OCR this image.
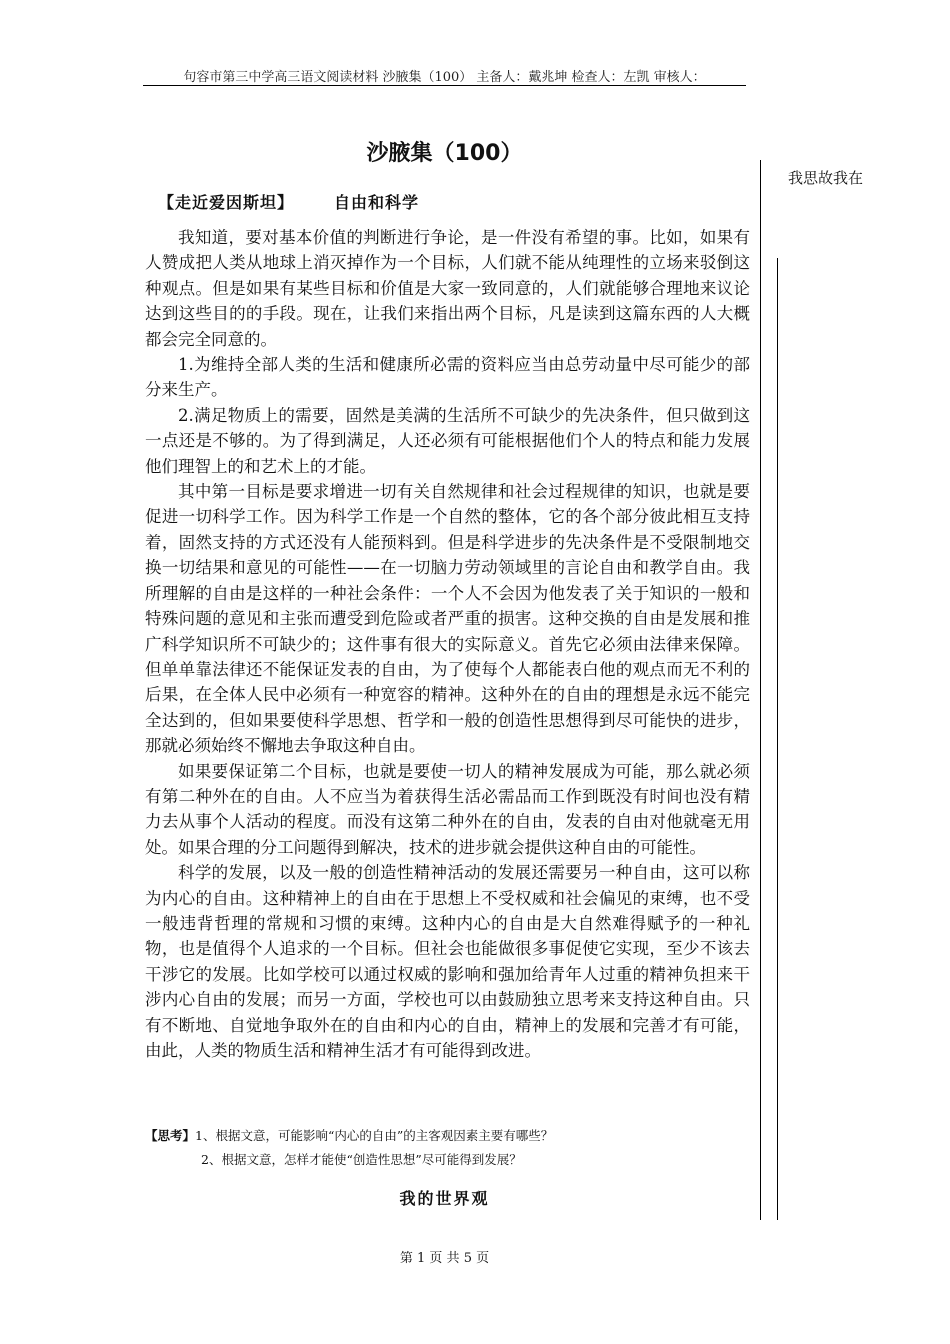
句容市第三中学高三语文阅读材料 沙腋集（100） 主备人：戴兆坤 检查人：左凯 审核人：
沙腋集（100）
我思故我在
【走近爱因斯坦】	自由和科学

我知道，要对基本价值的判断进行争论，是一件没有希望的事。比如，如果有人赞成把人类从地球上消灭掉作为一个目标，人们就不能从纯理性的立场来驳倒这种观点。但是如果有某些目标和价值是大家一致同意的，人们就能够合理地来议论达到这些目的的手段。现在，让我们来指出两个目标，凡是读到这篇东西的人大概都会完全同意的。

1.为维持全部人类的生活和健康所必需的资料应当由总劳动量中尽可能少的部分来生产。

2.满足物质上的需要，固然是美满的生活所不可缺少的先决条件，但只做到这一点还是不够的。为了得到满足，人还必须有可能根据他们个人的特点和能力发展他们理智上的和艺术上的才能。

其中第一目标是要求增进一切有关自然规律和社会过程规律的知识，也就是要促进一切科学工作。因为科学工作是一个自然的整体，它的各个部分彼此相互支持着，固然支持的方式还没有人能预料到。但是科学进步的先决条件是不受限制地交换一切结果和意见的可能性——在一切脑力劳动领域里的言论自由和教学自由。我所理解的自由是这样的一种社会条件：一个人不会因为他发表了关于知识的一般和特殊问题的意见和主张而遭受到危险或者严重的损害。这种交换的自由是发展和推广科学知识所不可缺少的；这件事有很大的实际意义。首先它必须由法律来保障。但单单靠法律还不能保证发表的自由，为了使每个人都能表白他的观点而无不利的后果，在全体人民中必须有一种宽容的精神。这种外在的自由的理想是永远不能完全达到的，但如果要使科学思想、哲学和一般的创造性思想得到尽可能快的进步，那就必须始终不懈地去争取这种自由。

如果要保证第二个目标，也就是要使一切人的精神发展成为可能，那么就必须有第二种外在的自由。人不应当为着获得生活必需品而工作到既没有时间也没有精力去从事个人活动的程度。而没有这第二种外在的自由，发表的自由对他就毫无用处。如果合理的分工问题得到解决，技术的进步就会提供这种自由的可能性。

科学的发展，以及一般的创造性精神活动的发展还需要另一种自由，这可以称为内心的自由。这种精神上的自由在于思想上不受权威和社会偏见的束缚，也不受一般违背哲理的常规和习惯的束缚。这种内心的自由是大自然难得赋予的一种礼物，也是值得个人追求的一个目标。但社会也能做很多事促使它实现，至少不该去干涉它的发展。比如学校可以通过权威的影响和强加给青年人过重的精神负担来干涉内心自由的发展；而另一方面，学校也可以由鼓励独立思考来支持这种自由。只有不断地、自觉地争取外在的自由和内心的自由，精神上的发展和完善才有可能，由此，人类的物质生活和精神生活才有可能得到改进。

【思考】1、根据文意，可能影响“内心的自由”的主客观因素主要有哪些？
2、根据文意，怎样才能使“创造性思想”尽可能得到发展？
我的世界观
第 1 页 共 5 页
